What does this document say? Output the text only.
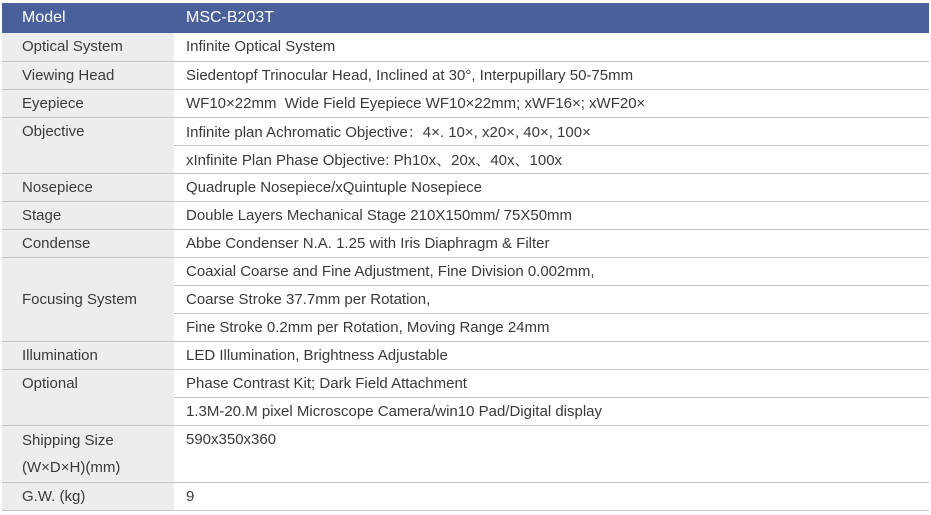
Model	MSC-B203T
Optical System	Infinite Optical System
Viewing Head	Siedentopf Trinocular Head, Inclined at 30°, Interpupillary 50-75mm
Eyepiece	WF10×22mm  Wide Field Eyepiece WF10×22mm; xWF16×; xWF20×
Objective	Infinite plan Achromatic Objective：4×. 10×, x20×, 40×, 100×
	xInfinite Plan Phase Objective: Ph10x、20x、40x、100x
Nosepiece	Quadruple Nosepiece/xQuintuple Nosepiece
Stage	Double Layers Mechanical Stage 210X150mm/ 75X50mm
Condense	Abbe Condenser N.A. 1.25 with Iris Diaphragm & Filter
Focusing System	Coaxial Coarse and Fine Adjustment, Fine Division 0.002mm,
	Coarse Stroke 37.7mm per Rotation,
	Fine Stroke 0.2mm per Rotation, Moving Range 24mm
Illumination	LED Illumination, Brightness Adjustable
Optional	Phase Contrast Kit; Dark Field Attachment
	1.3M-20.M pixel Microscope Camera/win10 Pad/Digital display

Shipping Size
(W×D×H)(mm)	590x350x360
G.W. (kg)	9
